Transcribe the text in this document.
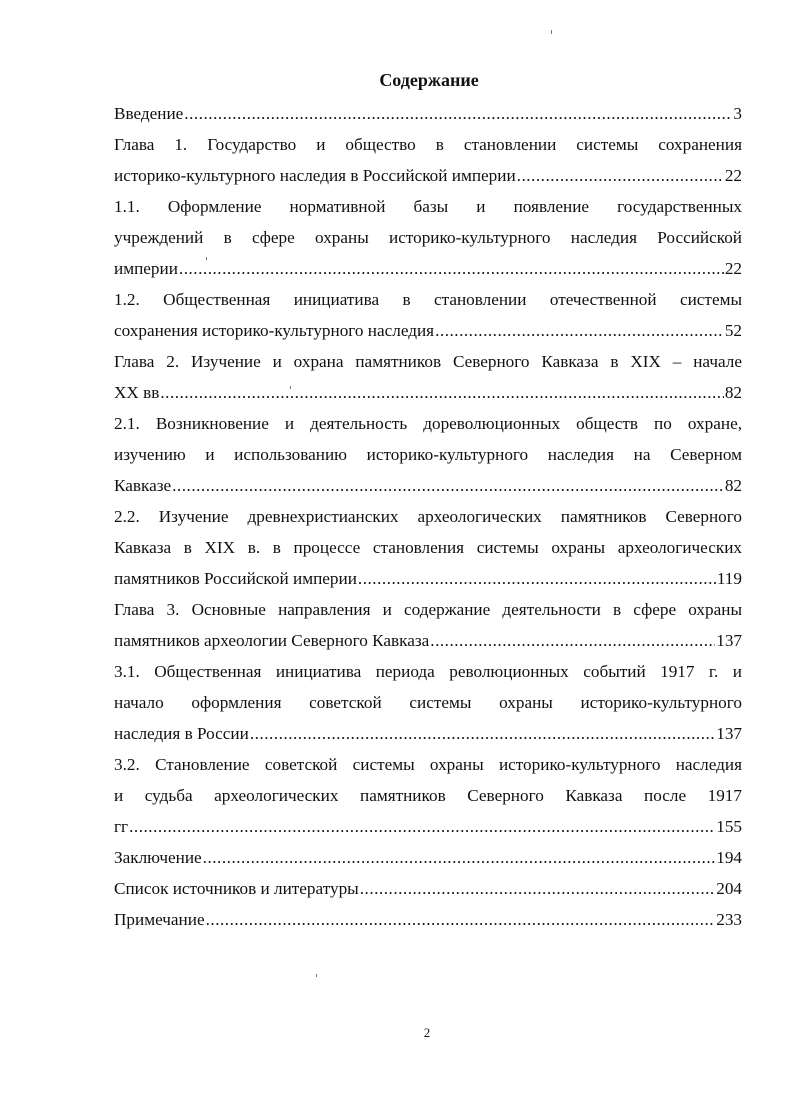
Содержание
Введение .....	3
Глава 1. Государство и общество в становлении системы сохранения
историко-культурного наследия в Российской империи .....	22
1.1. Оформление нормативной базы и появление государственных
учреждений в сфере охраны историко-культурного наследия Российской
империи .....	22
1.2. Общественная инициатива в становлении отечественной системы
сохранения историко-культурного наследия .....	52
Глава 2. Изучение и охрана памятников Северного Кавказа в XIX – начале
XX вв .....	82
2.1. Возникновение и деятельность дореволюционных обществ по охране,
изучению и использованию историко-культурного наследия на Северном
Кавказе .....	82
2.2. Изучение древнехристианских археологических памятников Северного
Кавказа в XIX в. в процессе становления системы охраны археологических
памятников Российской империи .....	119
Глава 3. Основные направления и содержание деятельности в сфере охраны
памятников археологии Северного Кавказа .....	137
3.1. Общественная инициатива периода революционных событий 1917 г. и
начало оформления советской системы охраны историко-культурного
наследия в России .....	137
3.2. Становление советской системы охраны историко-культурного наследия
и судьба археологических памятников Северного Кавказа после 1917
гг .....	155
Заключение .....	194
Список источников и литературы .....	204
Примечание .....	233
2
